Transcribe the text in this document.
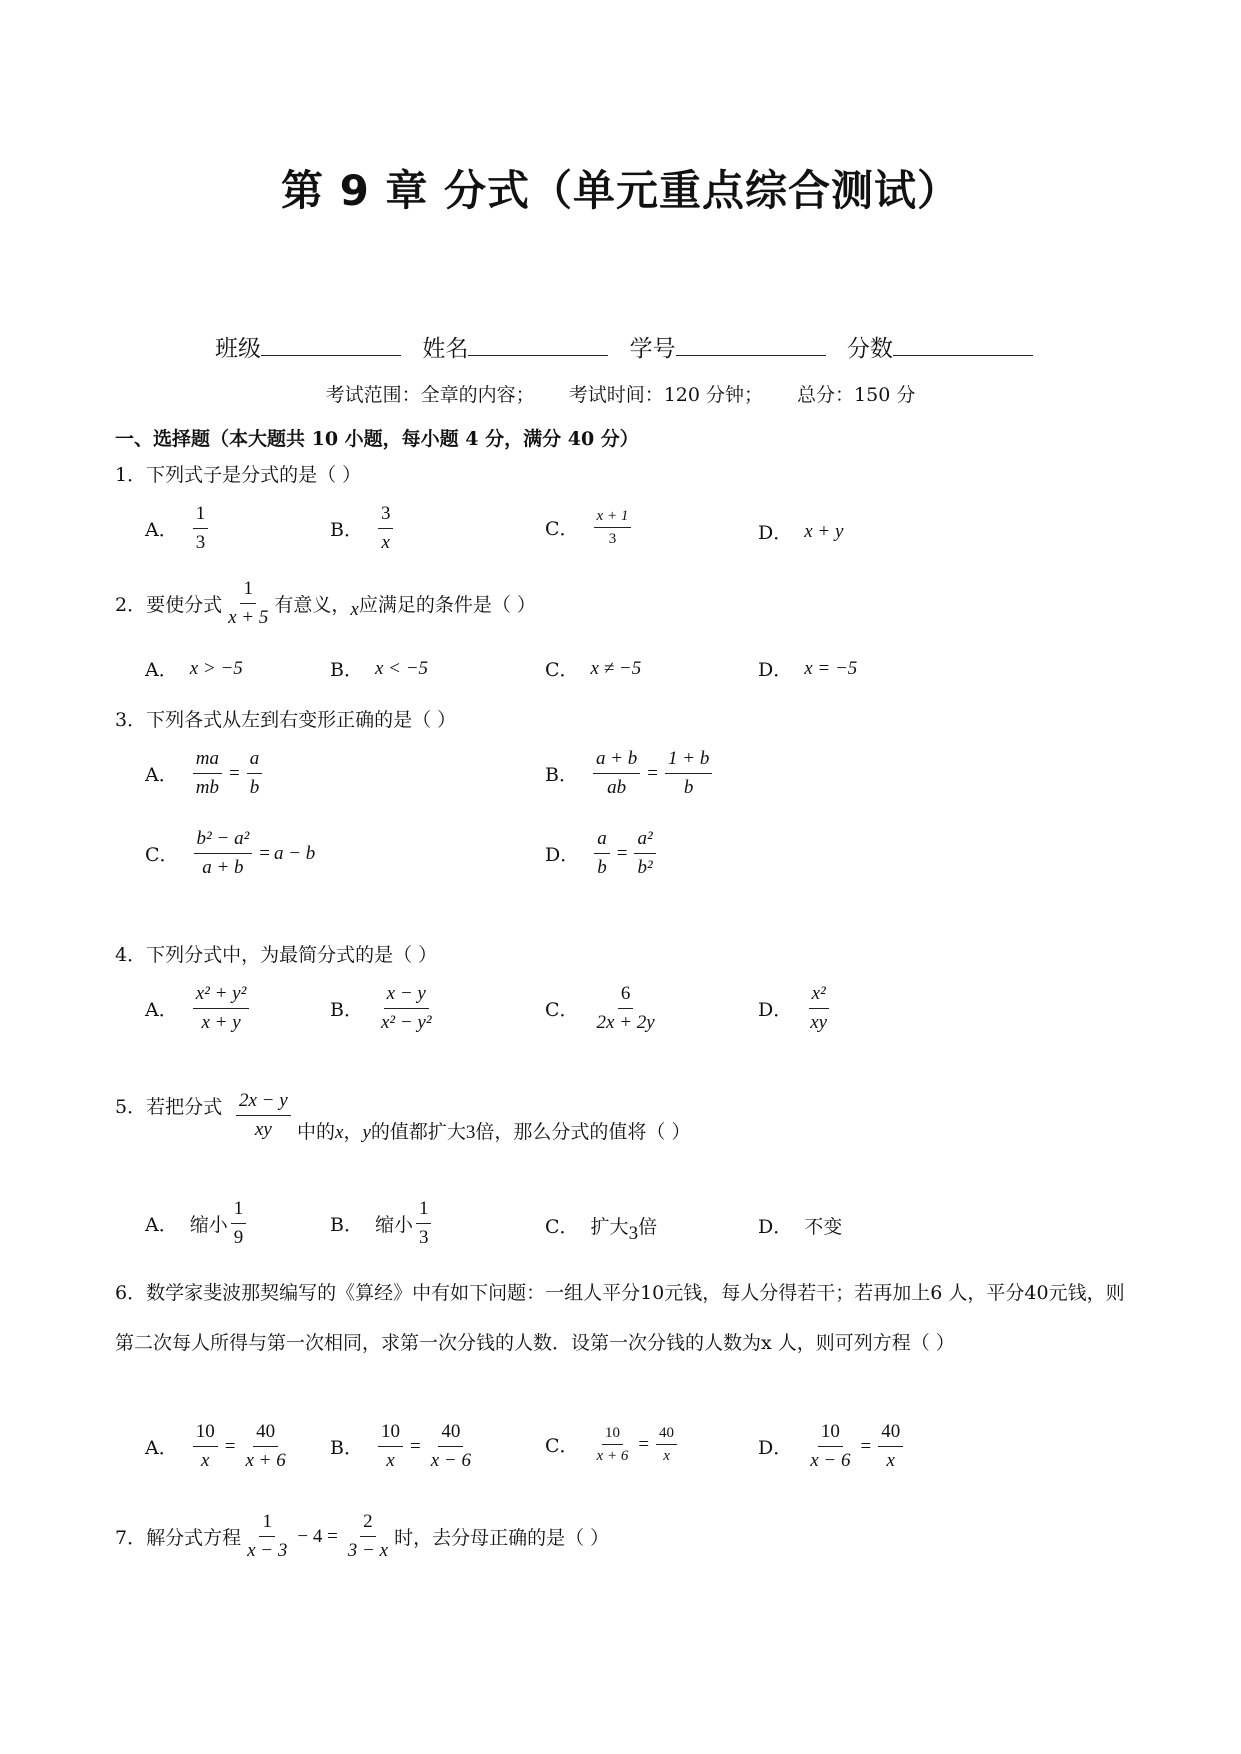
第 9 章 分式（单元重点综合测试）
班级	姓名	学号	分数
考试范围：全章的内容； 考试时间：120 分钟； 总分：150 分
一、选择题（本大题共 10 小题，每小题 4 分，满分 40 分）
1．下列式子是分式的是（ ）
A． $\frac{1}{3}$	B． $\frac{3}{x}$	C． $\frac{x + 1}{3}$	D． x + y
2．要使分式 $\frac{1}{x + 5}$ 有意义， x 应满足的条件是（ ）
A． x > −5	B． x < −5	C． x ≠ −5	D． x = −5
3．下列各式从左到右变形正确的是（ ）
A． $\frac{ma}{mb} = \frac{a}{b}$	B． $\frac{a + b}{ab} = \frac{1 + b}{b}$
C． $\frac{\text{b² − a²}}{a + b} = a - b$	D． $\frac{a}{b} = \frac{\text{a²}}{\text{b²}}$
4．下列分式中，为最简分式的是（ ）
A． $\frac{\text{x² + y²}}{x + y}$	B． $\frac{x - y}{\text{x² − y²}}$	C． $\frac{6}{2x + 2y}$	D． $\frac{\text{x²}}{xy}$
5．若把分式 $\frac{2x - y}{xy}$ 中的x，y的值都扩大3倍，那么分式的值将（ ）
A． 缩小 $\frac{1}{9}$	B． 缩小 $\frac{1}{3}$	C． 扩大 3 倍	D． 不变
6．数学家斐波那契编写的《算经》中有如下问题：一组人平分10元钱，每人分得若干；若再加上6 人，平分40元钱，则第二次每人所得与第一次相同，求第一次分钱的人数．设第一次分钱的人数为x 人，则可列方程（ ）
A． $\frac{10}{x} = \frac{40}{x + 6}$ B． $\frac{10}{x} = \frac{40}{x - 6}$	C． $\frac{10}{x + 6} = \frac{40}{x}$	D． $\frac{10}{x - 6} = \frac{40}{x}$
7．解分式方程 $\frac{1}{x - 3} - 4 = \frac{2}{3 - x}$ 时，去分母正确的是（ ）
